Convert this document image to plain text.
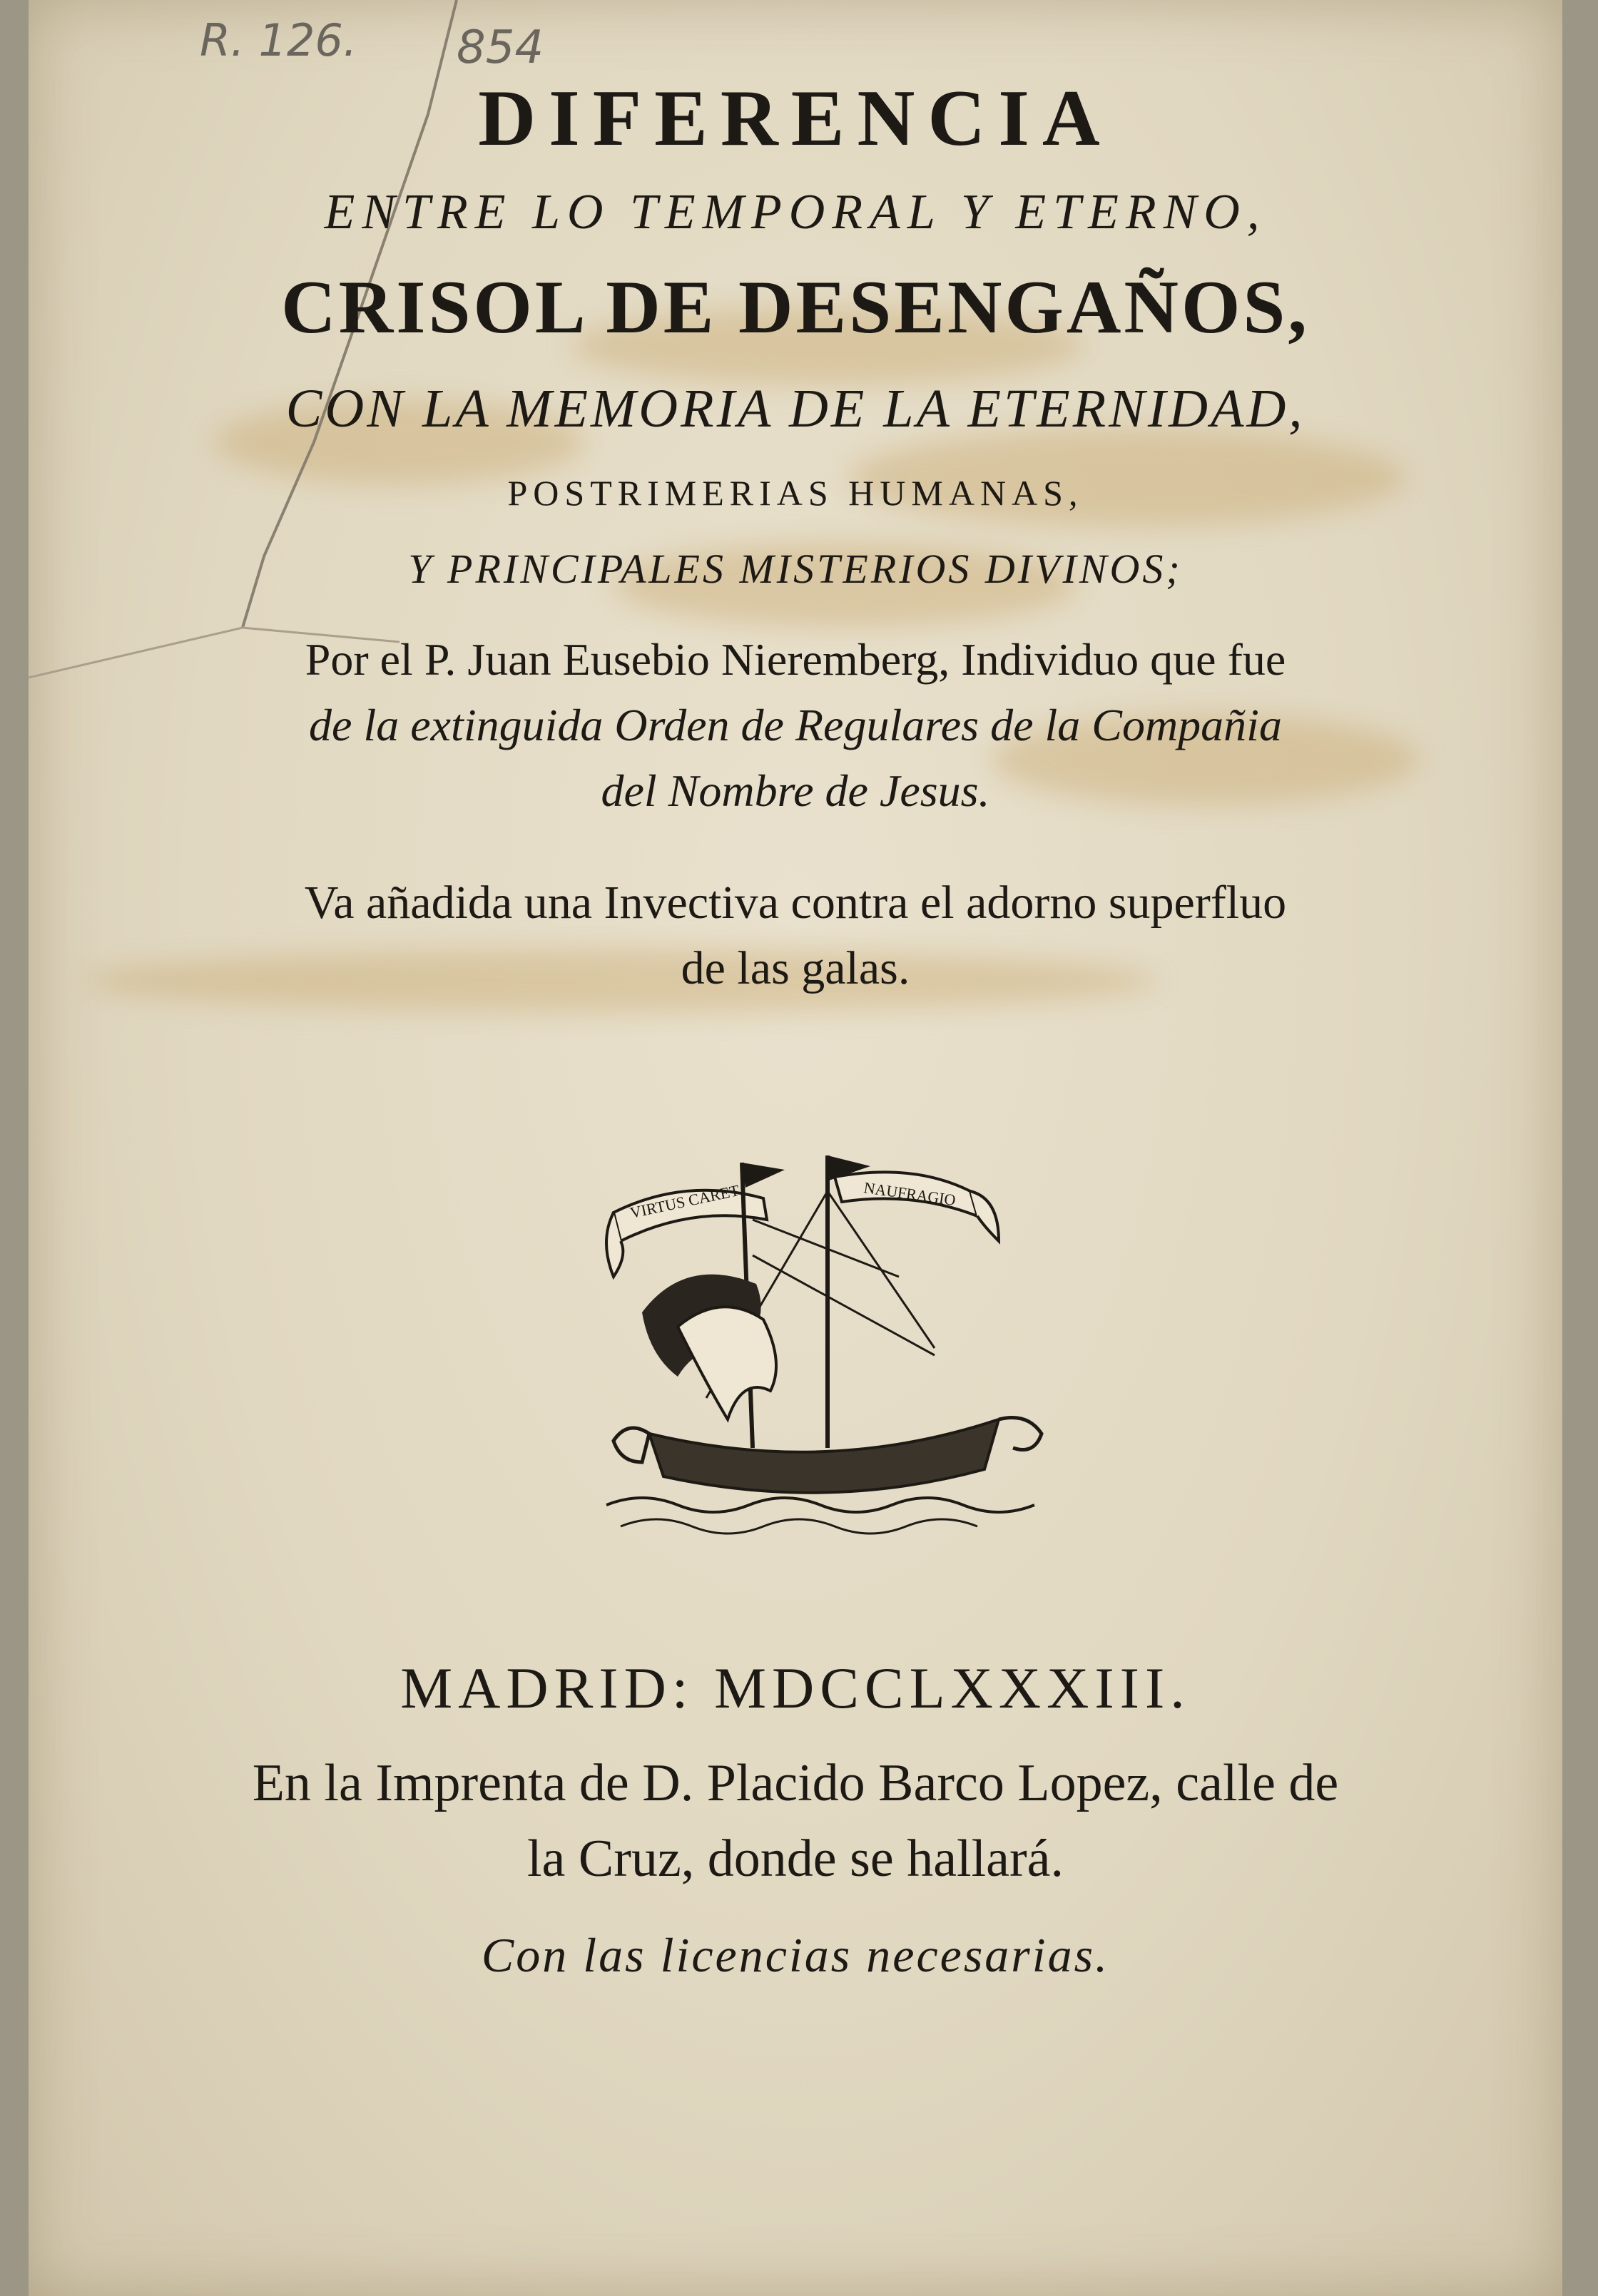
R. 126. 854
DIFERENCIA
ENTRE LO TEMPORAL Y ETERNO,
CRISOL DE DESENGAÑOS,
CON LA MEMORIA DE LA ETERNIDAD,
POSTRIMERIAS HUMANAS,
Y PRINCIPALES MISTERIOS DIVINOS;
Por el P. Juan Eusebio Nieremberg, Individuo que fue
de la extinguida Orden de Regulares de la Compañia
del Nombre de Jesus.
Va añadida una Invectiva contra el adorno superfluo
de las galas.
VIRTUS CARET	NAUFRAGIO
MADRID: MDCCLXXXIII.
En la Imprenta de D. Placido Barco Lopez, calle de
la Cruz, donde se hallará.
Con las licencias necesarias.
